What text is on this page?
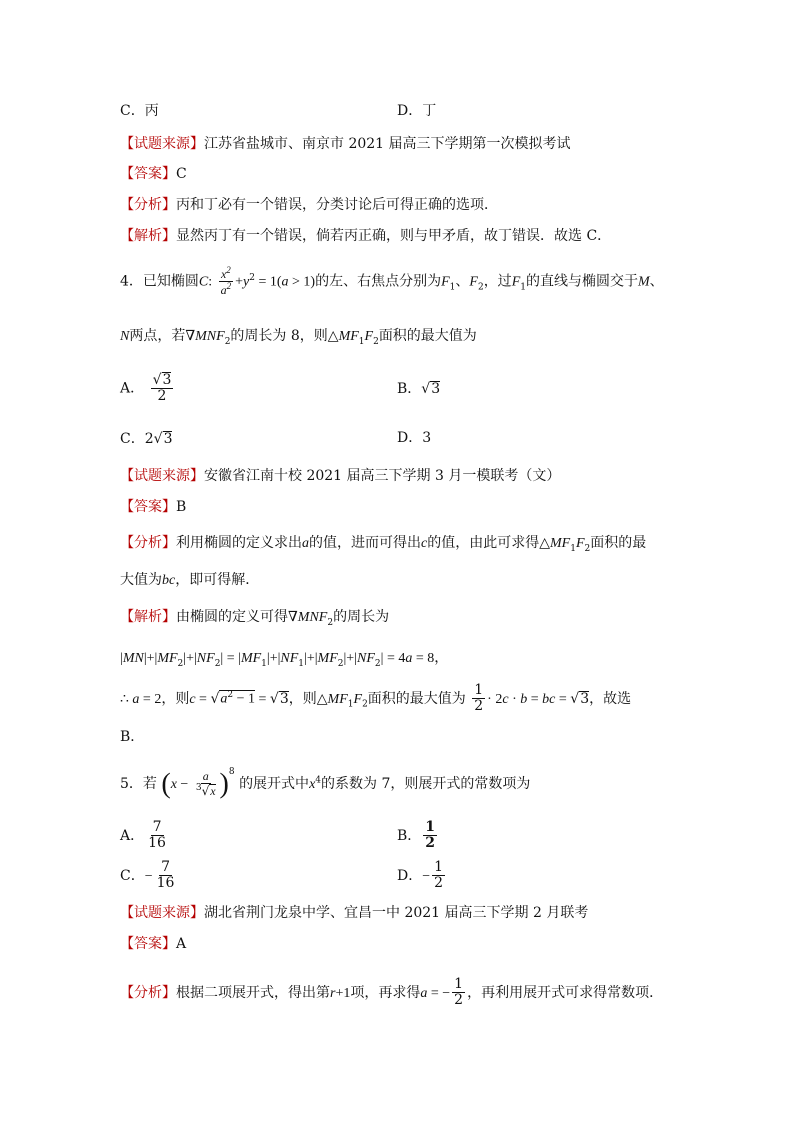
C．丙	D．丁
【试题来源】江苏省盐城市、南京市 2021 届高三下学期第一次模拟考试
【答案】C
【分析】丙和丁必有一个错误，分类讨论后可得正确的选项．
【解析】显然丙丁有一个错误，倘若丙正确，则与甲矛盾，故丁错误．故选 C．
4．已知椭圆C: $\frac{x^2}{a^2} +y^2 = 1(a > 1)$的左、右焦点分别为$F_1$、$F_2$，过$F_1$的直线与椭圆交于M、
N两点，若$\nabla MNF_2$的周长为 8，则$\triangle MF_1F_2$面积的最大值为
A． $\frac{√3}{2}$	B．√3
C．2√3	D．3
【试题来源】安徽省江南十校 2021 届高三下学期 3 月一模联考（文）
【答案】B
【分析】利用椭圆的定义求出a的值，进而可得出c的值，由此可求得$\triangle MF_1F_2$面积的最
大值为bc，即可得解．
【解析】由椭圆的定义可得$\nabla MNF_2$的周长为
$|MN|+|MF_2|+|NF_2| = |MF_1|+|NF_1|+|MF_2|+|NF_2| = 4a = 8$，
∴ a = 2，则$c = √a^2 - 1 = √3$，则$\triangle MF_1F_2$面积的最大值为 $\frac{1}{2} \cdot 2c \cdot b$ = bc = √3，故选
B．
5．若 $(x - \frac{a}{^3√x} )^8$ 的展开式中$x^4$的系数为 7，则展开式的常数项为
A． $\frac{7}{16}$	B． $\frac{1}{2}$
C．− $\frac{7}{16}$	D．− $\frac{1}{2}$
【试题来源】湖北省荆门龙泉中学、宜昌一中 2021 届高三下学期 2 月联考
【答案】A
【分析】根据二项展开式，得出第r+1项，再求得a = − $\frac{1}{2}$ ，再利用展开式可求得常数项．
